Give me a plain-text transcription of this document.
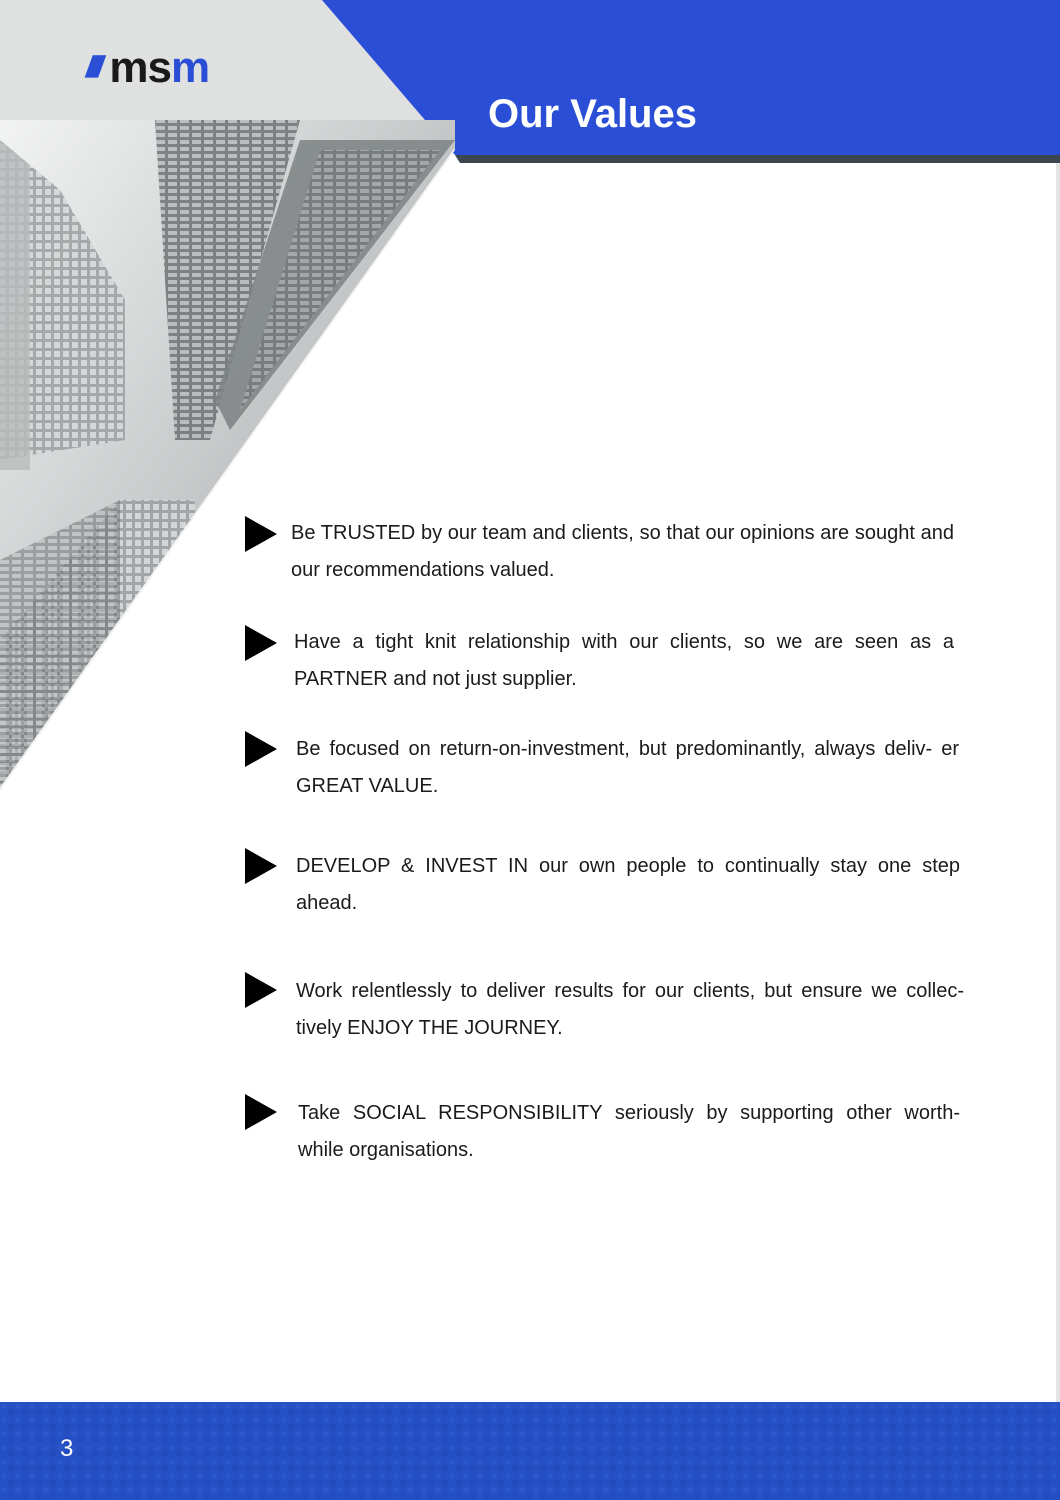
//// msm
Our Values
Be TRUSTED by our team and clients, so that our opinions are sought and our recommendations valued.
Have a tight knit relationship with our clients, so we are seen as a PARTNER and not just supplier.
Be focused on return-on-investment, but predominantly, always deliv- er GREAT VALUE.
DEVELOP & INVEST IN our own people to continually stay one step ahead.
Work relentlessly to deliver results for our clients, but ensure we collec- tively ENJOY THE JOURNEY.
Take SOCIAL RESPONSIBILITY seriously by supporting other worth- while organisations.
3
